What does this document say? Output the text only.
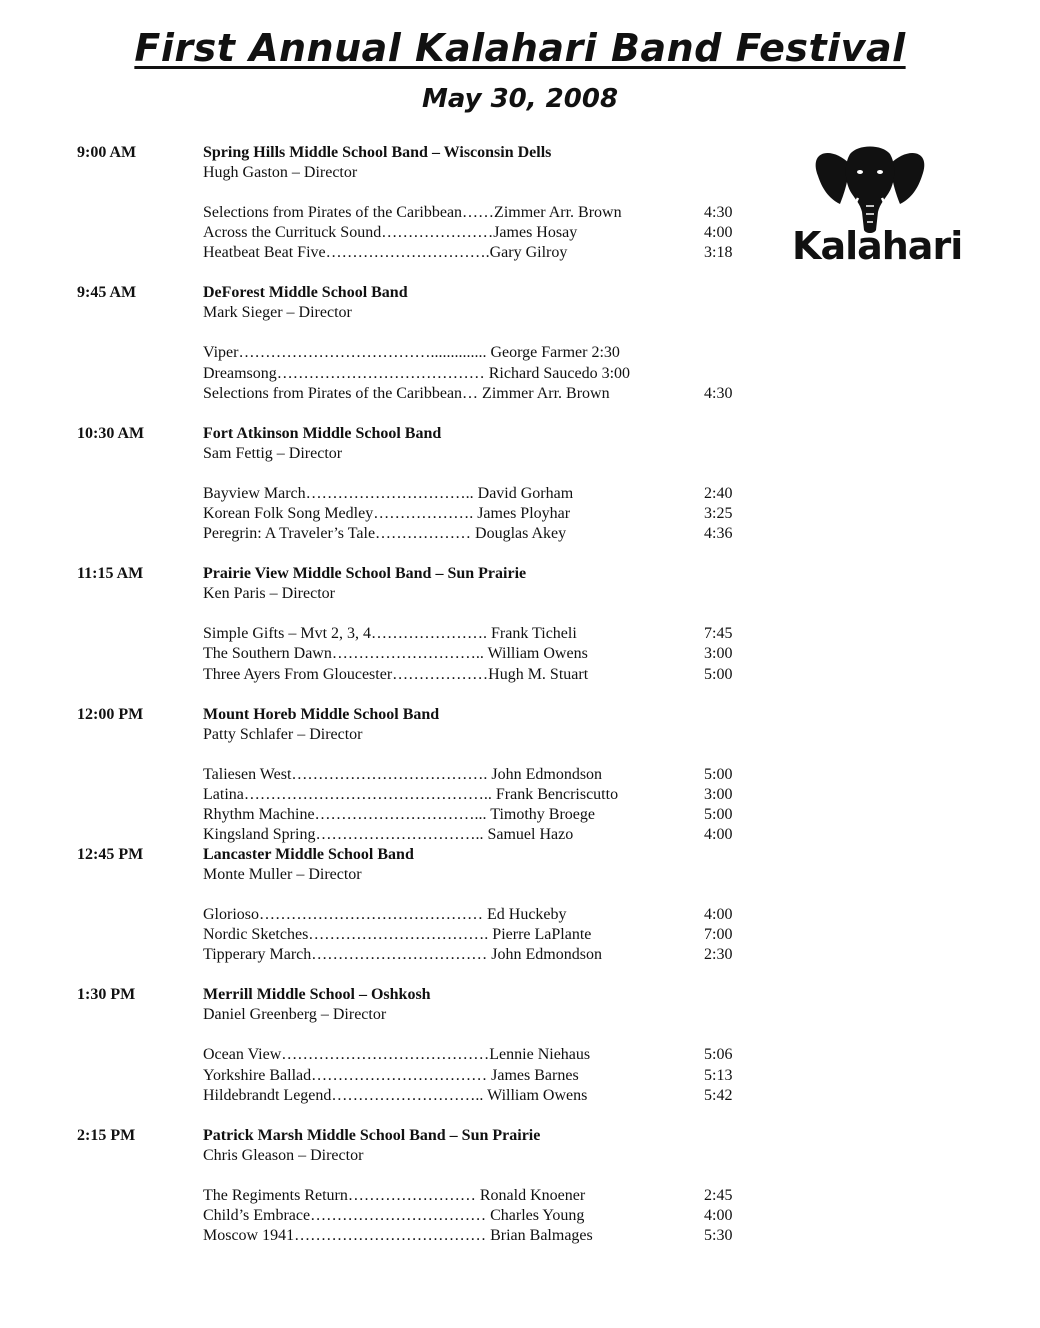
First Annual Kalahari Band Festival
May 30, 2008
Kalahari
9:00 AM	Spring Hills Middle School Band – Wisconsin Dells
Hugh Gaston – Director
Selections from Pirates of the Caribbean……Zimmer Arr. Brown	4:30
Across the Currituck Sound…………………James Hosay	4:00
Heatbeat Beat Five………………………….Gary Gilroy	3:18
9:45 AM	DeForest Middle School Band
Mark Sieger – Director
Viper……………………………….............. George Farmer 2:30
Dreamsong………………………………… Richard Saucedo 3:00
Selections from Pirates of the Caribbean… Zimmer Arr. Brown	4:30
10:30 AM	Fort Atkinson Middle School Band
Sam Fettig – Director
Bayview March………………………….. David Gorham	2:40
Korean Folk Song Medley………………. James Ployhar	3:25
Peregrin: A Traveler’s Tale……………… Douglas Akey	4:36
11:15 AM	Prairie View Middle School Band – Sun Prairie
Ken Paris – Director
Simple Gifts – Mvt 2, 3, 4…………………. Frank Ticheli	7:45
The Southern Dawn……………………….. William Owens	3:00
Three Ayers From Gloucester………………Hugh M. Stuart	5:00
12:00 PM	Mount Horeb Middle School Band
Patty Schlafer – Director
Taliesen West………………………………. John Edmondson	5:00
Latina……………………………………….. Frank Bencriscutto	3:00
Rhythm Machine…………………………... Timothy Broege	5:00
Kingsland Spring………………………….. Samuel Hazo	4:00
12:45 PM	Lancaster Middle School Band
Monte Muller – Director
Glorioso…………………………………… Ed Huckeby	4:00
Nordic Sketches……………………………. Pierre LaPlante	7:00
Tipperary March…………………………… John Edmondson	2:30
1:30 PM	Merrill Middle School – Oshkosh
Daniel Greenberg – Director
Ocean View…………………………………Lennie Niehaus	5:06
Yorkshire Ballad…………………………… James Barnes	5:13
Hildebrandt Legend……………………….. William Owens	5:42
2:15 PM	Patrick Marsh Middle School Band – Sun Prairie
Chris Gleason – Director
The Regiments Return…………………… Ronald Knoener	2:45
Child’s Embrace…………………………… Charles Young	4:00
Moscow 1941……………………………… Brian Balmages	5:30
